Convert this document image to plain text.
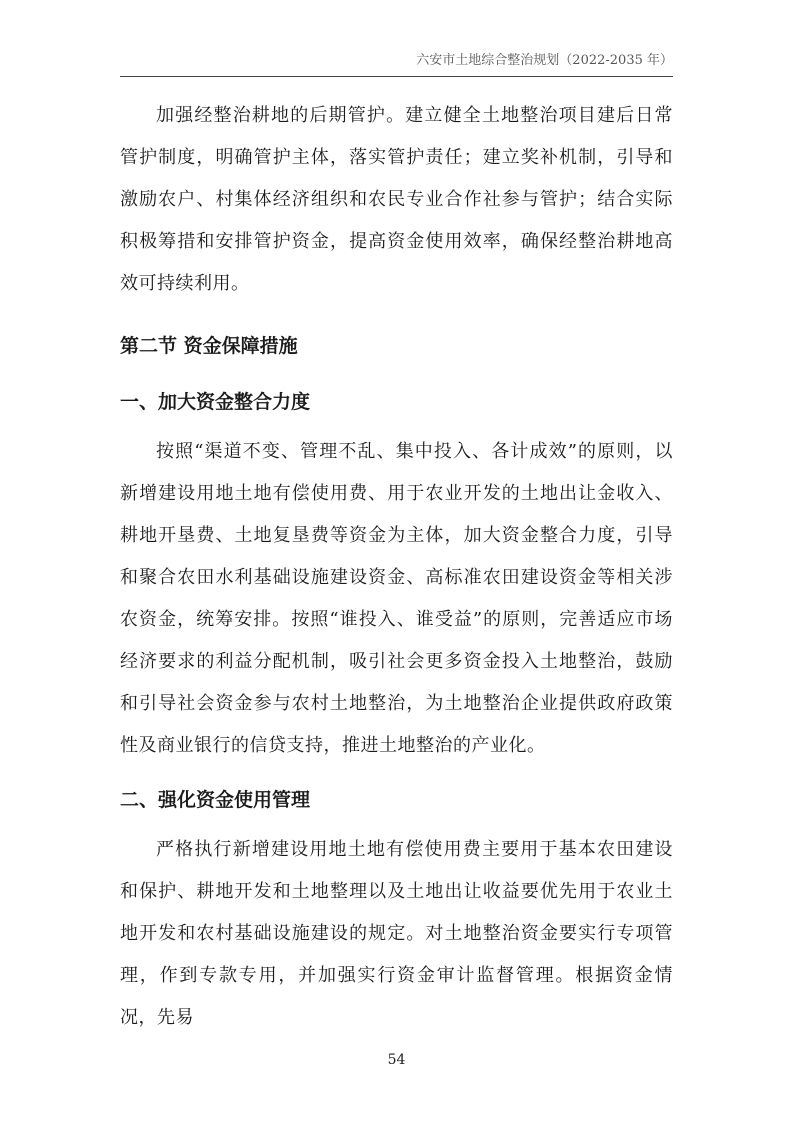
六安市土地综合整治规划（2022-2035 年）

加强经整治耕地的后期管护。建立健全土地整治项目建后日常管护制度，明确管护主体，落实管护责任；建立奖补机制，引导和激励农户、村集体经济组织和农民专业合作社参与管护；结合实际积极筹措和安排管护资金，提高资金使用效率，确保经整治耕地高效可持续利用。

第二节 资金保障措施
一、加大资金整合力度

按照“渠道不变、管理不乱、集中投入、各计成效”的原则，以新增建设用地土地有偿使用费、用于农业开发的土地出让金收入、耕地开垦费、土地复垦费等资金为主体，加大资金整合力度，引导和聚合农田水利基础设施建设资金、高标准农田建设资金等相关涉农资金，统筹安排。按照“谁投入、谁受益”的原则，完善适应市场经济要求的利益分配机制，吸引社会更多资金投入土地整治，鼓励和引导社会资金参与农村土地整治，为土地整治企业提供政府政策性及商业银行的信贷支持，推进土地整治的产业化。

二、强化资金使用管理

严格执行新增建设用地土地有偿使用费主要用于基本农田建设和保护、耕地开发和土地整理以及土地出让收益要优先用于农业土地开发和农村基础设施建设的规定。对土地整治资金要实行专项管理，作到专款专用，并加强实行资金审计监督管理。根据资金情况，先易

54
